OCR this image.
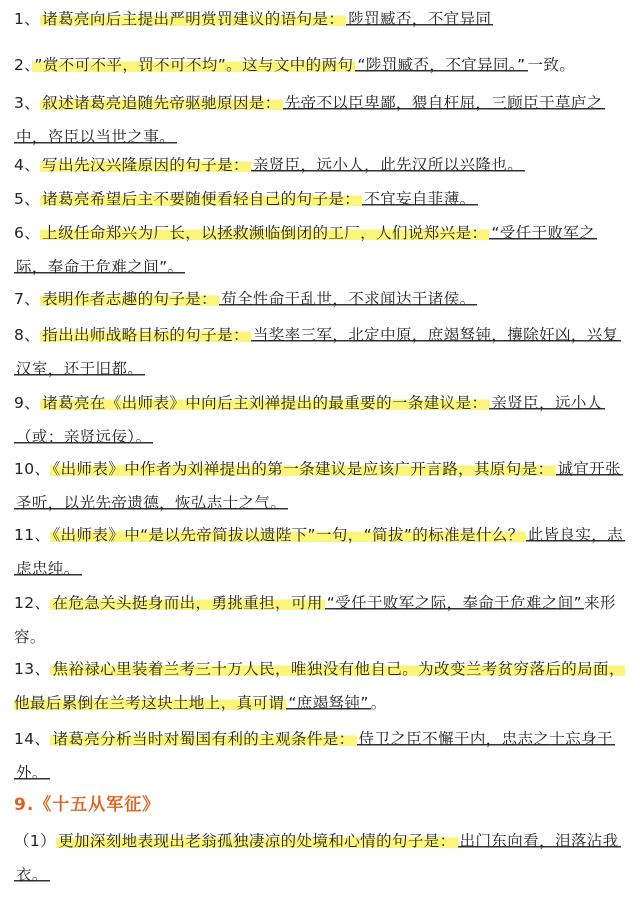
1、 诸葛亮向后主提出严明赏罚建议的语句是： 陟罚臧否，不宜异同
2、 ”赏不可不平，罚不可不均”。这与文中的两句 “陟罚臧否，不宜异同。” 一致。
3、 叙述诸葛亮追随先帝驱驰原因是： 先帝不以臣卑鄙，猥自枉屈，三顾臣于草庐之中，咨臣以当世之事。
4、 写出先汉兴隆原因的句子是： 亲贤臣，远小人，此先汉所以兴隆也。
5、 诸葛亮希望后主不要随便看轻自己的句子是： 不宜妄自菲薄。
6、 上级任命郑兴为厂长，以拯救濒临倒闭的工厂，人们说郑兴是： “受任于败军之际，奉命于危难之间”。
7、 表明作者志趣的句子是： 苟全性命于乱世，不求闻达于诸侯。
8、 指出出师战略目标的句子是： 当奖率三军，北定中原，庶竭驽钝，攘除奸凶，兴复汉室，还于旧都。
9、 诸葛亮在《出师表》中向后主刘禅提出的最重要的一条建议是： 亲贤臣，远小人（或：亲贤远佞）。
10、 《出师表》中作者为刘禅提出的第一条建议是应该广开言路，其原句是： 诚宜开张圣听，以光先帝遗德，恢弘志士之气。
11、 《出师表》中“是以先帝简拔以遗陛下”一句，“简拔”的标准是什么？ 此皆良实，志虑忠纯。
12、 在危急关头挺身而出，勇挑重担，可用 “受任于败军之际，奉命于危难之间” 来形容。
13、 焦裕禄心里装着兰考三十万人民，唯独没有他自己。为改变兰考贫穷落后的局面，他最后累倒在兰考这块土地上，真可谓 “庶竭驽钝” 。
14、 诸葛亮分析当时对蜀国有利的主观条件是： 侍卫之臣不懈于内，忠志之士忘身于外。
9.《十五从军征》
（1） 更加深刻地表现出老翁孤独凄凉的处境和心情的句子是： 出门东向看，泪落沾我衣。
